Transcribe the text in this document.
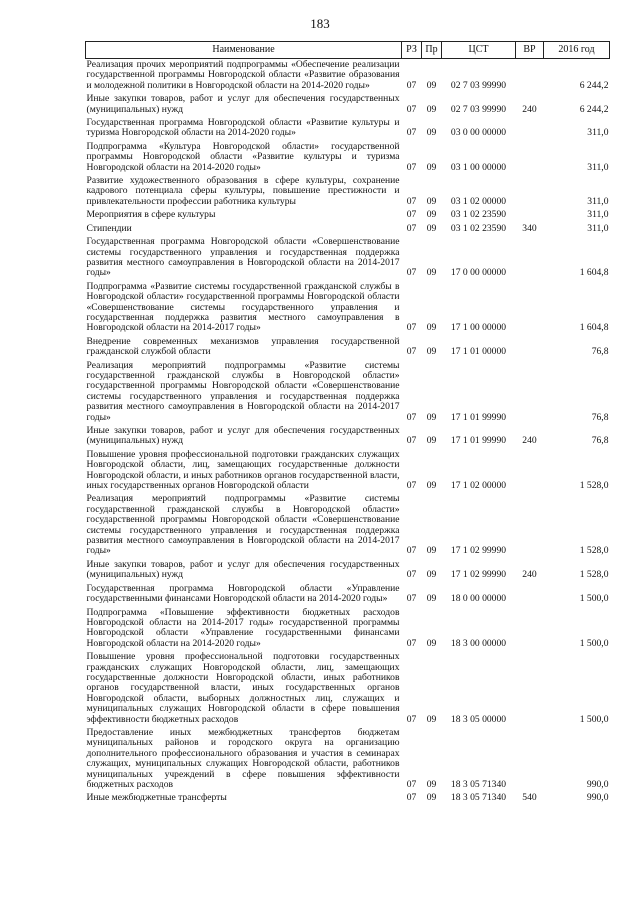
183
Наименование	РЗ	Пр	ЦСТ	ВР	2016 год
Реализация прочих мероприятий подпрограммы «Обеспечение реализации государственной программы Новгородской области «Развитие образования и молодежной политики в Новгородской области на 2014-2020 годы»	07	09	02 7 03 99990		6 244,2
Иные закупки товаров, работ и услуг для обеспечения государственных (муниципальных) нужд	07	09	02 7 03 99990	240	6 244,2
Государственная программа Новгородской области «Развитие культуры и туризма Новгородской области на 2014-2020 годы»	07	09	03 0 00 00000		311,0
Подпрограмма «Культура Новгородской области» государственной программы Новгородской области «Развитие культуры и туризма Новгородской области на 2014-2020 годы»	07	09	03 1 00 00000		311,0
Развитие художественного образования в сфере культуры, сохранение кадрового потенциала сферы культуры, повышение престижности и привлекательности профессии работника культуры	07	09	03 1 02 00000		311,0
Мероприятия в сфере культуры	07	09	03 1 02 23590		311,0
Стипендии	07	09	03 1 02 23590	340	311,0
Государственная программа Новгородской области «Совершенствование системы государственного управления и государственная поддержка развития местного самоуправления в Новгородской области на 2014-2017 годы»	07	09	17 0 00 00000		1 604,8
Подпрограмма «Развитие системы государственной гражданской службы в Новгородской области» государственной программы Новгородской области «Совершенствование системы государственного управления и государственная поддержка развития местного самоуправления в Новгородской области на 2014-2017 годы»	07	09	17 1 00 00000		1 604,8
Внедрение современных механизмов управления государственной гражданской службой области	07	09	17 1 01 00000		76,8
Реализация мероприятий подпрограммы «Развитие системы государственной гражданской службы в Новгородской области» государственной программы Новгородской области «Совершенствование системы государственного управления и государственная поддержка развития местного самоуправления в Новгородской области на 2014-2017 годы»	07	09	17 1 01 99990		76,8
Иные закупки товаров, работ и услуг для обеспечения государственных (муниципальных) нужд	07	09	17 1 01 99990	240	76,8
Повышение уровня профессиональной подготовки гражданских служащих Новгородской области, лиц, замещающих государственные должности Новгородской области, и иных работников органов государственной власти, иных государственных органов Новгородской области	07	09	17 1 02 00000		1 528,0
Реализация мероприятий подпрограммы «Развитие системы государственной гражданской службы в Новгородской области» государственной программы Новгородской области «Совершенствование системы государственного управления и государственная поддержка развития местного самоуправления в Новгородской области на 2014-2017 годы»	07	09	17 1 02 99990		1 528,0
Иные закупки товаров, работ и услуг для обеспечения государственных (муниципальных) нужд	07	09	17 1 02 99990	240	1 528,0
Государственная программа Новгородской области «Управление государственными финансами Новгородской области на 2014-2020 годы»	07	09	18 0 00 00000		1 500,0
Подпрограмма «Повышение эффективности бюджетных расходов Новгородской области на 2014-2017 годы» государственной программы Новгородской области «Управление государственными финансами Новгородской области на 2014-2020 годы»	07	09	18 3 00 00000		1 500,0
Повышение уровня профессиональной подготовки государственных гражданских служащих Новгородской области, лиц, замещающих государственные должности Новгородской области, иных работников органов государственной власти, иных государственных органов Новгородской области, выборных должностных лиц, служащих и муниципальных служащих Новгородской области в сфере повышения эффективности бюджетных расходов	07	09	18 3 05 00000		1 500,0
Предоставление иных межбюджетных трансфертов бюджетам муниципальных районов и городского округа на организацию дополнительного профессионального образования и участия в семинарах служащих, муниципальных служащих Новгородской области, работников муниципальных учреждений в сфере повышения эффективности бюджетных расходов	07	09	18 3 05 71340		990,0
Иные межбюджетные трансферты	07	09	18 3 05 71340	540	990,0
